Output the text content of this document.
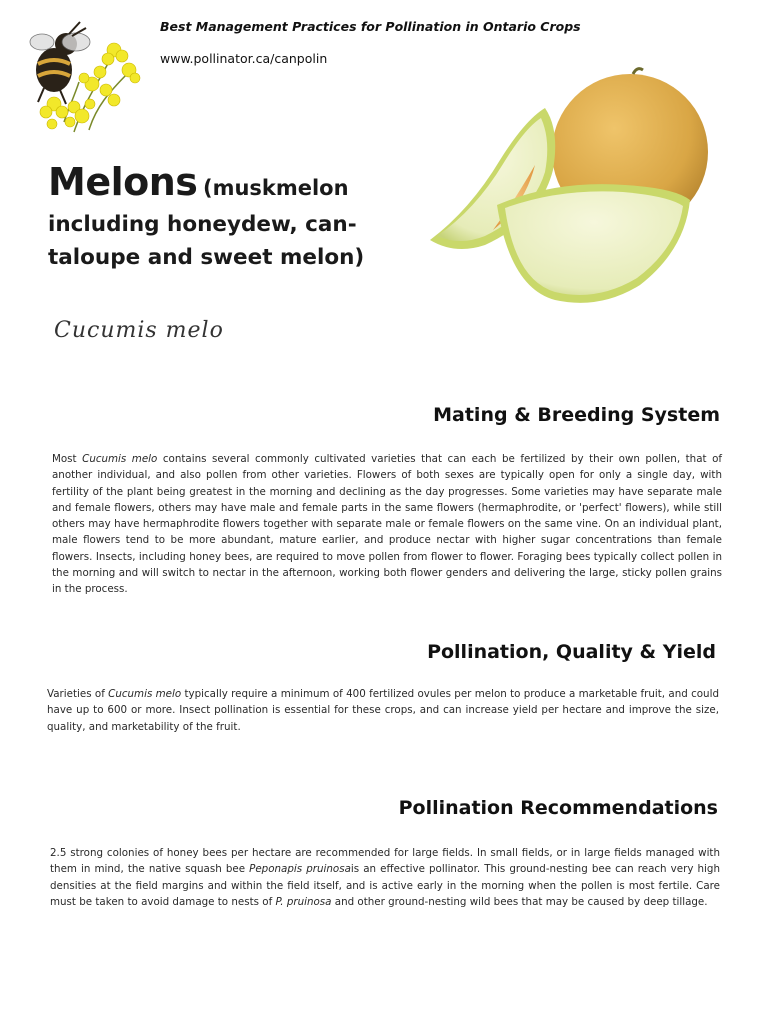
Best Management Practices for Pollination in Ontario Crops
www.pollinator.ca/canpolin
Melons (muskmelon
including honeydew, can-
taloupe and sweet melon)
Cucumis melo
Mating & Breeding System
Most Cucumis melo contains several commonly cultivated varieties that can each be fertilized by their own pollen, that of another individual, and also pollen from other varieties. Flowers of both sexes are typically open for only a single day, with fertility of the plant being greatest in the morning and declining as the day progresses. Some varieties may have separate male and female flowers, others may have male and female parts in the same flowers (hermaphrodite, or 'perfect' flowers), while still others may have hermaphrodite flowers together with separate male or female flowers on the same vine. On an individual plant, male flowers tend to be more abundant, mature earlier, and produce nectar with higher sugar concentrations than female flowers. Insects, including honey bees, are required to move pollen from flower to flower. Foraging bees typically collect pollen in the morning and will switch to nectar in the afternoon, working both flower genders and delivering the large, sticky pollen grains in the process.
Pollination, Quality & Yield
Varieties of Cucumis melo typically require a minimum of 400 fertilized ovules per melon to produce a marketable fruit, and could have up to 600 or more. Insect pollination is essential for these crops, and can increase yield per hectare and improve the size, quality, and marketability of the fruit.
Pollination Recommendations
2.5 strong colonies of honey bees per hectare are recommended for large fields. In small fields, or in large fields managed with them in mind, the native squash bee Peponapis pruinosais an effective pollinator. This ground-nesting bee can reach very high densities at the field margins and within the field itself, and is active early in the morning when the pollen is most fertile. Care must be taken to avoid damage to nests of P. pruinosa and other ground-nesting wild bees that may be caused by deep tillage.
